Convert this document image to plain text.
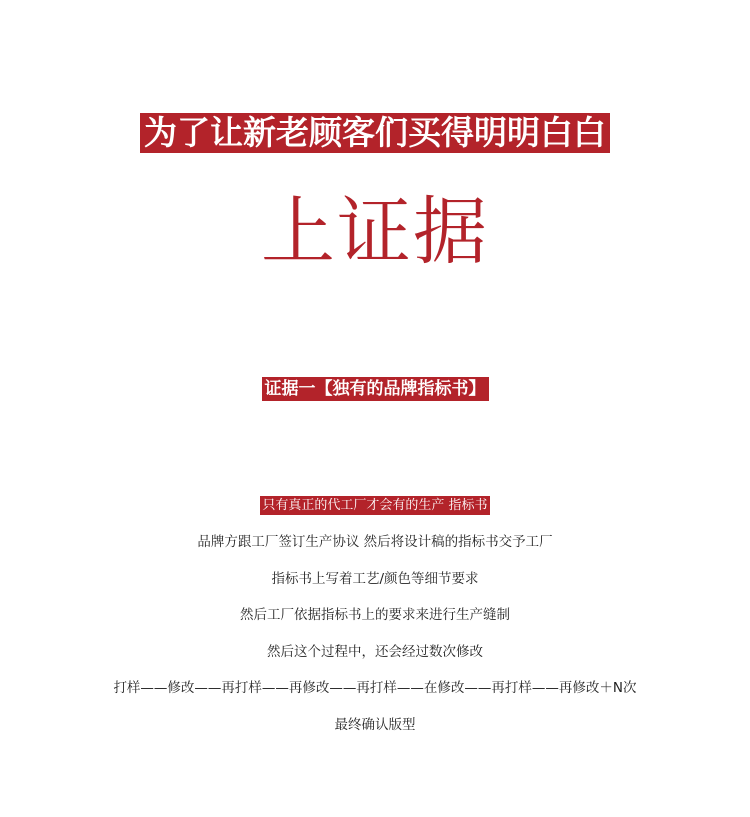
为了让新老顾客们买得明明白白
上证据
证据一【独有的品牌指标书】
只有真正的代工厂才会有的生产 指标书
品牌方跟工厂签订生产协议 然后将设计稿的指标书交予工厂
指标书上写着工艺/颜色等细节要求
然后工厂依据指标书上的要求来进行生产缝制
然后这个过程中，还会经过数次修改
打样——修改——再打样——再修改——再打样——在修改——再打样——再修改＋N次
最终确认版型
